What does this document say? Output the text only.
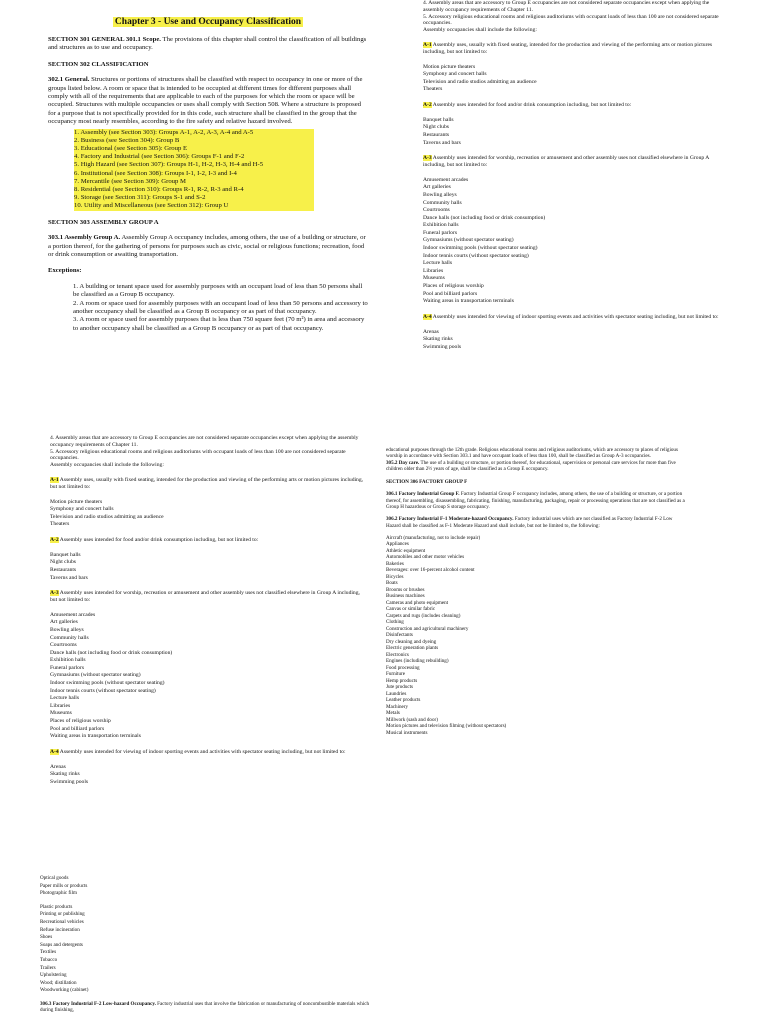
Chapter 3 - Use and Occupancy Classification

SECTION 301 GENERAL 301.1 Scope. The provisions of this chapter shall control the classification of all buildings and structures as to use and occupancy.

SECTION 302 CLASSIFICATION

302.1 General. Structures or portions of structures shall be classified with respect to occupancy in one or more of the groups listed below. A room or space that is intended to be occupied at different times for different purposes shall comply with all of the requirements that are applicable to each of the purposes for which the room or space will be occupied. Structures with multiple occupancies or uses shall comply with Section 508. Where a structure is proposed for a purpose that is not specifically provided for in this code, such structure shall be classified in the group that the occupancy most nearly resembles, according to the fire safety and relative hazard involved.

1. Assembly (see Section 303): Groups A-1, A-2, A-3, A-4 and A-5
2. Business (see Section 304): Group B
3. Educational (see Section 305): Group E
4. Factory and Industrial (see Section 306): Groups F-1 and F-2
5. High Hazard (see Section 307): Groups H-1, H-2, H-3, H-4 and H-5
6. Institutional (see Section 308): Groups I-1, I-2, I-3 and I-4
7. Mercantile (see Section 309): Group M
8. Residential (see Section 310): Groups R-1, R-2, R-3 and R-4
9. Storage (see Section 311): Groups S-1 and S-2
10. Utility and Miscellaneous (see Section 312): Group U
SECTION 303 ASSEMBLY GROUP A

303.1 Assembly Group A. Assembly Group A occupancy includes, among others, the use of a building or structure, or a portion thereof, for the gathering of persons for purposes such as civic, social or religious functions; recreation, food or drink consumption or awaiting transportation.

Exceptions:

1. A building or tenant space used for assembly purposes with an occupant load of less than 50 persons shall be classified as a Group B occupancy.

2. A room or space used for assembly purposes with an occupant load of less than 50 persons and accessory to another occupancy shall be classified as a Group B occupancy or as part of that occupancy.

3. A room or space used for assembly purposes that is less than 750 square feet (70 m²) in area and accessory to another occupancy shall be classified as a Group B occupancy or as part of that occupancy.

4. Assembly areas that are accessory to Group E occupancies are not considered separate occupancies except when applying the assembly occupancy requirements of Chapter 11.

5. Accessory religious educational rooms and religious auditoriums with occupant loads of less than 100 are not considered separate occupancies.

Assembly occupancies shall include the following:

A-1 Assembly uses, usually with fixed seating, intended for the production and viewing of the performing arts or motion pictures including, but not limited to:

Motion picture theaters
Symphony and concert halls
Television and radio studios admitting an audience
Theaters

A-2 Assembly uses intended for food and/or drink consumption including, but not limited to:

Banquet halls
Night clubs
Restaurants
Taverns and bars

A-3 Assembly uses intended for worship, recreation or amusement and other assembly uses not classified elsewhere in Group A including, but not limited to:

Amusement arcades
Art galleries
Bowling alleys
Community halls
Courtrooms
Dance halls (not including food or drink consumption)
Exhibition halls
Funeral parlors
Gymnasiums (without spectator seating)
Indoor swimming pools (without spectator seating)
Indoor tennis courts (without spectator seating)
Lecture halls
Libraries
Museums
Places of religious worship
Pool and billiard parlors
Waiting areas in transportation terminals

A-4 Assembly uses intended for viewing of indoor sporting events and activities with spectator seating including, but not limited to:

Arenas
Skating rinks
Swimming pools

4. Assembly areas that are accessory to Group E occupancies are not considered separate occupancies except when applying the assembly occupancy requirements of Chapter 11.

5. Accessory religious educational rooms and religious auditoriums with occupant loads of less than 100 are not considered separate occupancies.

Assembly occupancies shall include the following:

A-1 Assembly uses, usually with fixed seating, intended for the production and viewing of the performing arts or motion pictures including, but not limited to:

Motion picture theaters
Symphony and concert halls
Television and radio studios admitting an audience
Theaters

A-2 Assembly uses intended for food and/or drink consumption including, but not limited to:

Banquet halls
Night clubs
Restaurants
Taverns and bars

A-3 Assembly uses intended for worship, recreation or amusement and other assembly uses not classified elsewhere in Group A including, but not limited to:

Amusement arcades
Art galleries
Bowling alleys
Community halls
Courtrooms
Dance halls (not including food or drink consumption)
Exhibition halls
Funeral parlors
Gymnasiums (without spectator seating)
Indoor swimming pools (without spectator seating)
Indoor tennis courts (without spectator seating)
Lecture halls
Libraries
Museums
Places of religious worship
Pool and billiard parlors
Waiting areas in transportation terminals

A-4 Assembly uses intended for viewing of indoor sporting events and activities with spectator seating including, but not limited to:

Arenas
Skating rinks
Swimming pools

educational purposes through the 12th grade. Religious educational rooms and religious auditoriums, which are accessory to places of religious worship in accordance with Section 303.1 and have occupant loads of less than 100, shall be classified as Group A-3 occupancies.

305.2 Day care. The use of a building or structure, or portion thereof, for educational, supervision or personal care services for more than five children older than 2½ years of age, shall be classified as a Group E occupancy.

SECTION 306 FACTORY GROUP F

306.1 Factory Industrial Group F. Factory Industrial Group F occupancy includes, among others, the use of a building or structure, or a portion thereof, for assembling, disassembling, fabricating, finishing, manufacturing, packaging, repair or processing operations that are not classified as a Group H hazardous or Group S storage occupancy.

306.2 Factory Industrial F-1 Moderate-hazard Occupancy. Factory industrial uses which are not classified as Factory Industrial F-2 Low Hazard shall be classified as F-1 Moderate Hazard and shall include, but not be limited to, the following:

Aircraft (manufacturing, not to include repair)
Appliances
Athletic equipment
Automobiles and other motor vehicles
Bakeries
Beverages: over 16-percent alcohol content
Bicycles
Boats
Brooms or brushes
Business machines
Cameras and photo equipment
Canvas or similar fabric
Carpets and rugs (includes cleaning)
Clothing
Construction and agricultural machinery
Disinfectants
Dry cleaning and dyeing
Electric generation plants
Electronics
Engines (including rebuilding)
Food processing
Furniture
Hemp products
Jute products
Laundries
Leather products
Machinery
Metals
Millwork (sash and door)
Motion pictures and television filming (without spectators)
Musical instruments
Optical goods
Paper mills or products
Photographic film
Plastic products
Printing or publishing
Recreational vehicles
Refuse incineration
Shoes
Soaps and detergents
Textiles
Tobacco
Trailers
Upholstering
Wood; distillation
Woodworking (cabinet)

306.3 Factory Industrial F-2 Low-hazard Occupancy. Factory industrial uses that involve the fabrication or manufacturing of noncombustible materials which during finishing,
